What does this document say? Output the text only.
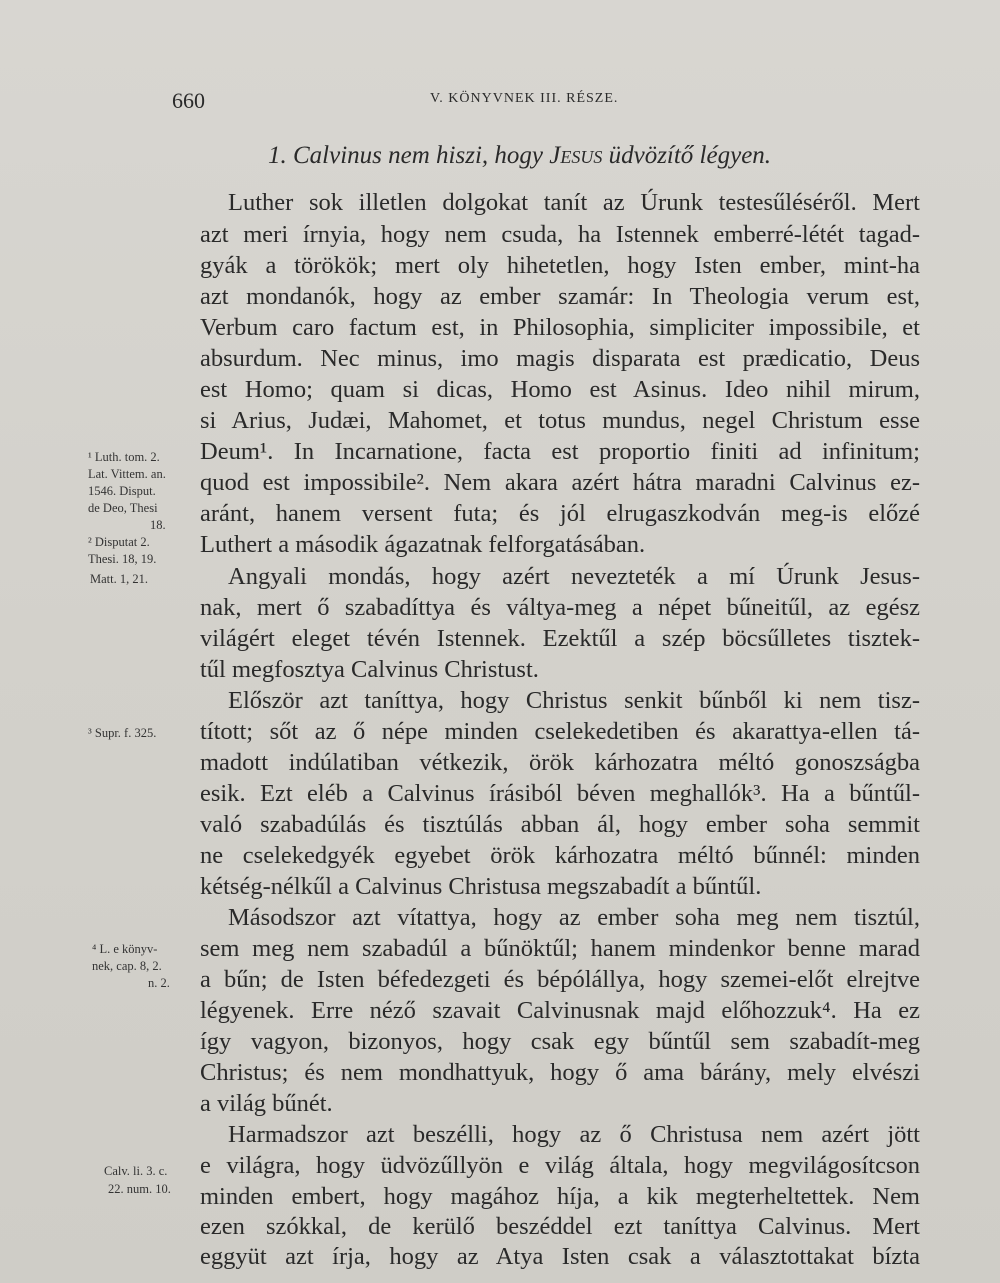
660	V. KÖNYVNEK III. RÉSZE.
1. Calvinus nem hiszi, hogy Jesus üdvözítő légyen.
Luther sok illetlen dolgokat tanít az Úrunk testesűléséről. Mert
azt meri írnyia, hogy nem csuda, ha Istennek emberré-létét tagad-
gyák a törökök; mert oly hihetetlen, hogy Isten ember, mint-ha
azt mondanók, hogy az ember szamár: In Theologia verum est,
Verbum caro factum est, in Philosophia, simpliciter impossibile, et
absurdum. Nec minus, imo magis disparata est prædicatio, Deus
est Homo; quam si dicas, Homo est Asinus. Ideo nihil mirum,
si Arius, Judæi, Mahomet, et totus mundus, negel Christum esse
Deum¹. In Incarnatione, facta est proportio finiti ad infinitum;
quod est impossibile². Nem akara azért hátra maradni Calvinus ez-
aránt, hanem versent futa; és jól elrugaszkodván meg-is előzé
Luthert a második ágazatnak felforgatásában.
Angyali mondás, hogy azért nevezteték a mí Úrunk Jesus-
nak, mert ő szabadíttya és váltya-meg a népet bűneitűl, az egész
világért eleget tévén Istennek. Ezektűl a szép böcsűlletes tisztek-
tűl megfosztya Calvinus Christust.
Először azt taníttya, hogy Christus senkit bűnből ki nem tisz-
tított; sőt az ő népe minden cselekedetiben és akarattya-ellen tá-
madott indúlatiban vétkezik, örök kárhozatra méltó gonoszságba
esik. Ezt eléb a Calvinus írásiból béven meghallók³. Ha a bűntűl-
való szabadúlás és tisztúlás abban ál, hogy ember soha semmit
ne cselekedgyék egyebet örök kárhozatra méltó bűnnél: minden
kétség-nélkűl a Calvinus Christusa megszabadít a bűntűl.
Másodszor azt vítattya, hogy az ember soha meg nem tisztúl,
sem meg nem szabadúl a bűnöktűl; hanem mindenkor benne marad
a bűn; de Isten béfedezgeti és bépólállya, hogy szemei-előt elrejtve
légyenek. Erre néző szavait Calvinusnak majd előhozzuk⁴. Ha ez
így vagyon, bizonyos, hogy csak egy bűntűl sem szabadít-meg
Christus; és nem mondhattyuk, hogy ő ama bárány, mely elvészi
a világ bűnét.
Harmadszor azt beszélli, hogy az ő Christusa nem azért jött
e világra, hogy üdvözűllyön e világ általa, hogy megvilágosítcson
minden embert, hogy magához híja, a kik megterheltettek. Nem
ezen szókkal, de kerülő beszéddel ezt taníttya Calvinus. Mert
eggyüt azt írja, hogy az Atya Isten csak a választottakat bízta
¹ Luth. tom. 2.
Lat. Vittem. an.
1546. Disput.
de Deo, Thesi
18.
² Disputat 2.
Thesi. 18, 19.
Matt. 1, 21.
³ Supr. f. 325.
⁴ L. e könyv-
nek, cap. 8, 2.
n. 2.
Calv. li. 3. c.
22. num. 10.
